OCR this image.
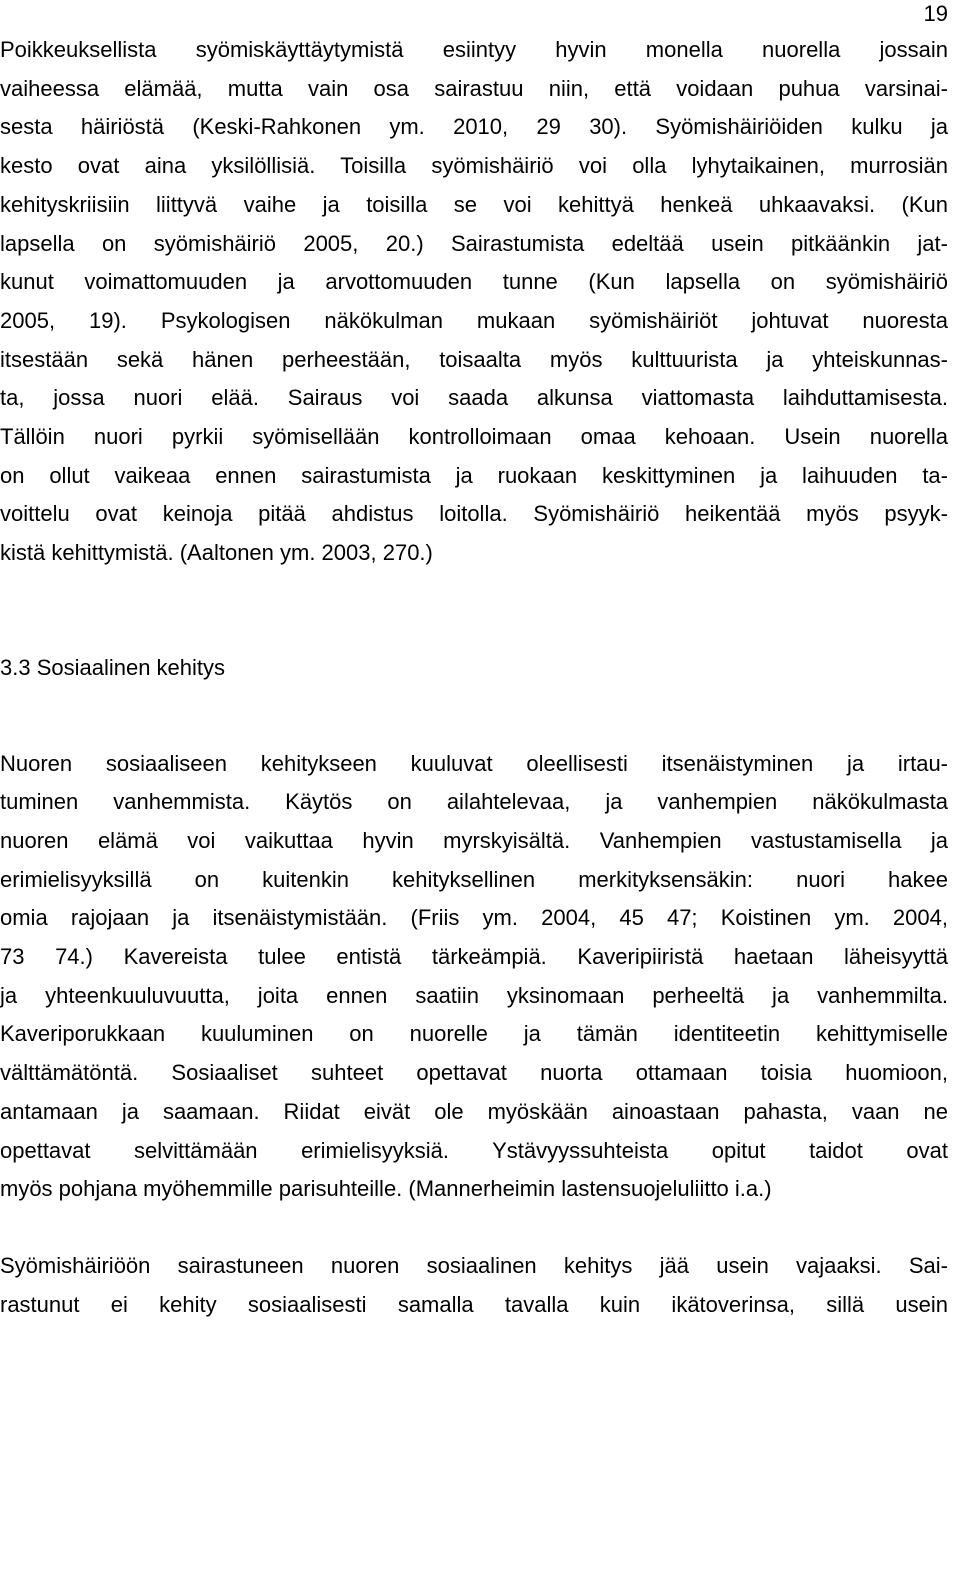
19

Poikkeuksellista syömiskäyttäytymistä esiintyy hyvin monella nuorella jossain
vaiheessa elämää, mutta vain osa sairastuu niin, että voidaan puhua varsinai-
sesta häiriöstä (Keski-Rahkonen ym. 2010, 29 30). Syömishäiriöiden kulku ja
kesto ovat aina yksilöllisiä. Toisilla syömishäiriö voi olla lyhytaikainen, murrosiän
kehityskriisiin liittyvä vaihe ja toisilla se voi kehittyä henkeä uhkaavaksi. (Kun
lapsella on syömishäiriö 2005, 20.) Sairastumista edeltää usein pitkäänkin jat-
kunut voimattomuuden ja arvottomuuden tunne (Kun lapsella on syömishäiriö
2005, 19). Psykologisen näkökulman mukaan syömishäiriöt johtuvat nuoresta
itsestään sekä hänen perheestään, toisaalta myös kulttuurista ja yhteiskunnas-
ta, jossa nuori elää. Sairaus voi saada alkunsa viattomasta laihduttamisesta.
Tällöin nuori pyrkii syömisellään kontrolloimaan omaa kehoaan. Usein nuorella
on ollut vaikeaa ennen sairastumista ja ruokaan keskittyminen ja laihuuden ta-
voittelu ovat keinoja pitää ahdistus loitolla. Syömishäiriö heikentää myös psyyk-
kistä kehittymistä. (Aaltonen ym. 2003, 270.)

3.3 Sosiaalinen kehitys

Nuoren sosiaaliseen kehitykseen kuuluvat oleellisesti itsenäistyminen ja irtau-
tuminen vanhemmista. Käytös on ailahtelevaa, ja vanhempien näkökulmasta
nuoren elämä voi vaikuttaa hyvin myrskyisältä. Vanhempien vastustamisella ja
erimielisyyksillä on kuitenkin kehityksellinen merkityksensäkin: nuori hakee
omia rajojaan ja itsenäistymistään. (Friis ym. 2004, 45 47; Koistinen ym. 2004,
73 74.) Kavereista tulee entistä tärkeämpiä. Kaveripiiristä haetaan läheisyyttä
ja yhteenkuuluvuutta, joita ennen saatiin yksinomaan perheeltä ja vanhemmilta.
Kaveriporukkaan kuuluminen on nuorelle ja tämän identiteetin kehittymiselle
välttämätöntä. Sosiaaliset suhteet opettavat nuorta ottamaan toisia huomioon,
antamaan ja saamaan. Riidat eivät ole myöskään ainoastaan pahasta, vaan ne
opettavat selvittämään erimielisyyksiä. Ystävyyssuhteista opitut taidot ovat
myös pohjana myöhemmille parisuhteille. (Mannerheimin lastensuojeluliitto i.a.)

Syömishäiriöön sairastuneen nuoren sosiaalinen kehitys jää usein vajaaksi. Sai-
rastunut ei kehity sosiaalisesti samalla tavalla kuin ikätoverinsa, sillä usein
